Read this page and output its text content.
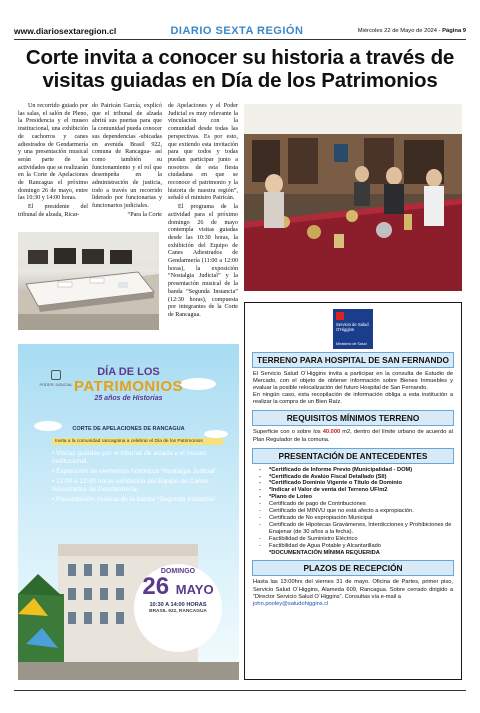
www.diariosextaregion.cl	DIARIO SEXTA REGIÓN	Miércoles 22 de Mayo de 2024 - Página 9
Corte invita a conocer su historia a través de visitas guiadas en Día de los Patrimonios

Un recorrido guiado por las salas, el salón de Pleno, la Presidencia y el museo institucional, una exhibición de cachorros y canes adiestrados de Gendarmería y una presentación musical serán parte de las actividades que se realizarán en la Corte de Apelaciones de Rancagua el próximo domingo 26 de mayo, entre las 10:30 y 14:00 horas.

El presidente del tribunal de alzada, Ricar-

do Pairicán García, explicó que el tribunal de alzada abrirá sus puertas para que la comunidad pueda conocer sus dependencias -ubicadas en avenida Brasil 922, comuna de Rancagua- así como también su funcionamiento y el rol que desempeña en la administración de justicia, todo a través un recorrido liderado por funcionarias y funcionarios judiciales.

“Para la Corte

de Apelaciones y el Poder Judicial es muy relevante la vinculación con la comunidad desde todas las perspectivas. Es por esto, que extiendo esta invitación para que todos y todas puedan participar junto a nosotros de esta fiesta ciudadana en que se reconoce el patrimonio y la historia de nuestra región”, señaló el ministro Pairicán.

El programa de la actividad para el próximo domingo 26 de mayo contempla visitas guiadas desde las 10:30 horas, la exhibición del Equipo de Canes Adiestrados de Gendarmería (11:00 a 12:00 horas), la exposición “Nostalgia Judicial” y la presentación musical de la banda “Segunda Instancia” (12:30 horas), compuesta por integrantes de la Corte de Rancagua.

PODER JUDICIAL
DÍA DE LOS
PATRIMONIOS
25 años de Historias
CORTE DE APELACIONES DE RANCAGUA
Invita a la comunidad rancagüina a celebrar el Día de los Patrimonios
• Visitas guiadas por el tribunal de alzada y el museo institucional.
• Exposición de elementos históricos “Nostalgia Judicial”.
• 11:00 a 12:00 horas exhibición del Equipo de Canes Adiestrados de Gendarmería.
• Presentación musical de la banda “Segunda Instancia”.
DOMINGO
26 MAYO
10:30 A 14:00 HORAS
BRASIL 922, RANCAGUA
Servicio de Salud O'Higgins
Ministerio de Salud
TERRENO PARA HOSPITAL DE SAN FERNANDO

El Servicio Salud O´Higgins invita a participar en la consulta de Estudio de Mercado, con el objeto de obtener información sobre Bienes Inmuebles y evaluar la posible relocalización del futuro Hospital de San Fernando.
En ningún caso, esta recopilación de información obliga a esta institución a realizar la compra de un Bien Raíz.

REQUISITOS MÍNIMOS TERRENO

Superficie con o sobre los 40.000 m2, dentro del límite urbano de acuerdo al Plan Regulador de la comuna.

PRESENTACIÓN DE ANTECEDENTES
- *Certificado de Informe Previo (Municipalidad - DOM)
- *Certificado de Avalúo Fiscal Detallado (SII)
- *Certificado Dominio Vigente o Título de Dominio
- *Indicar el Valor de venta del Terreno UF/m2
- *Plano de Loteo
- Certificado de pago de Contribuciones
- Certificado del MINVU que no está afecto a expropiación.
- Certificado de No expropiación Municipal
- Certificado de Hipotecas Gravámenes, Interdicciones y Prohibiciones de Enajenar (de 30 años a la fecha).
- Factibilidad de Suministro Eléctrico
- Factibilidad de Agua Potable y Alcantarillado
*DOCUMENTACIÓN MÍNIMA REQUERIDA
PLAZOS DE RECEPCIÓN

Hasta las 13:00hrs del viernes 31 de mayo. Oficina de Partes, primer piso, Servicio Salud O´Higgins, Alameda 609, Rancagua. Sobre cerrado dirigido a “Director Servicio Salud O´Higgins”. Consultas vía e-mail a
john.pooley@saludohiggins.cl
